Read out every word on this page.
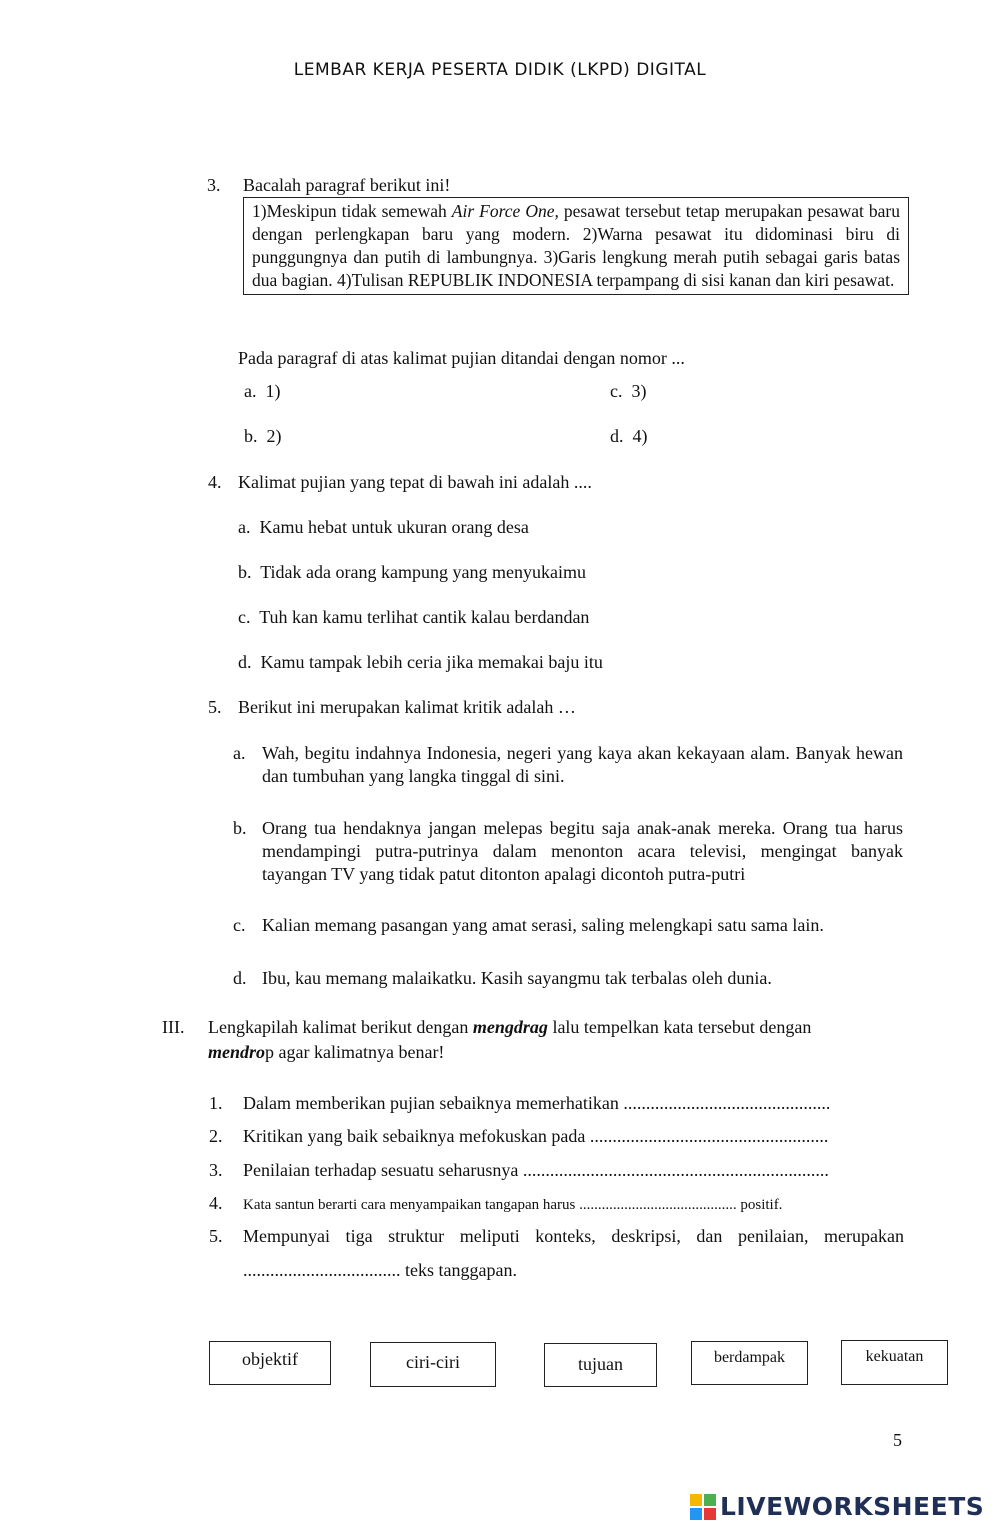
LEMBAR KERJA PESERTA DIDIK (LKPD) DIGITAL
3. Bacalah paragraf berikut ini!

1)Meskipun tidak semewah Air Force One, pesawat tersebut tetap merupakan pesawat baru dengan perlengkapan baru yang modern. 2)Warna pesawat itu didominasi biru di punggungnya dan putih di lambungnya. 3)Garis lengkung merah putih sebagai garis batas dua bagian. 4)Tulisan REPUBLIK INDONESIA terpampang di sisi kanan dan kiri pesawat.

Pada paragraf di atas kalimat pujian ditandai dengan nomor ...
a. 1)
b. 2)
c. 3)
d. 4)
4. Kalimat pujian yang tepat di bawah ini adalah ....
a. Kamu hebat untuk ukuran orang desa
b. Tidak ada orang kampung yang menyukaimu
c. Tuh kan kamu terlihat cantik kalau berdandan
d. Kamu tampak lebih ceria jika memakai baju itu
5. Berikut ini merupakan kalimat kritik adalah …
a. Wah, begitu indahnya Indonesia, negeri yang kaya akan kekayaan alam. Banyak hewan dan tumbuhan yang langka tinggal di sini.
b. Orang tua hendaknya jangan melepas begitu saja anak-anak mereka. Orang tua harus mendampingi putra-putrinya dalam menonton acara televisi, mengingat banyak tayangan TV yang tidak patut ditonton apalagi dicontoh putra-putri
c. Kalian memang pasangan yang amat serasi, saling melengkapi satu sama lain.
d. Ibu, kau memang malaikatku. Kasih sayangmu tak terbalas oleh dunia.
III. Lengkapilah kalimat berikut dengan mengdrag lalu tempelkan kata tersebut dengan
mendrop agar kalimatnya benar!
1. Dalam memberikan pujian sebaiknya memerhatikan ..............................................
2. Kritikan yang baik sebaiknya mefokuskan pada .....................................................
3. Penilaian terhadap sesuatu seharusnya ....................................................................
4. Kata santun berarti cara menyampaikan tangapan harus .......................................... positif.
5. Mempunyai tiga struktur meliputi konteks, deskripsi, dan penilaian, merupakan
................................... teks tanggapan.
objektif	ciri-ciri	tujuan	berdampak	kekuatan
5
LIVEWORKSHEETS
